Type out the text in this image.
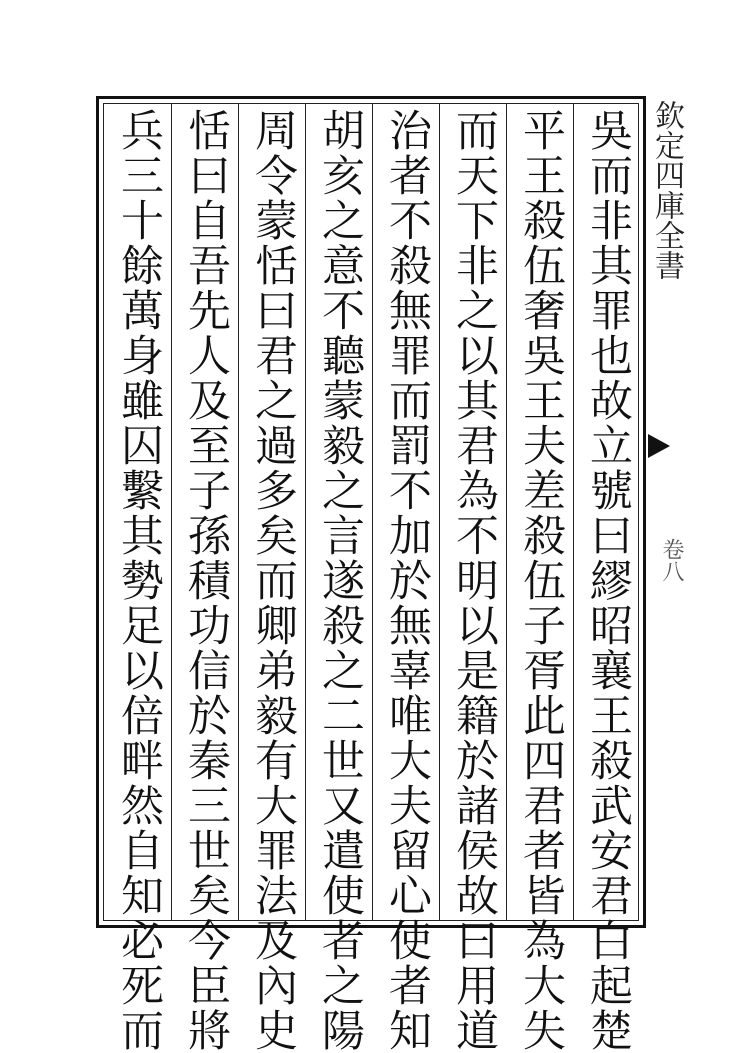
欽定四庫全書
卷八
吳而非其罪也故立號曰繆昭襄王殺武安君白起楚
平王殺伍奢吳王夫差殺伍子胥此四君者皆為大失
而天下非之以其君為不明以是籍於諸侯故曰用道
治者不殺無罪而罰不加於無辜唯大夫留心使者知
胡亥之意不聽蒙毅之言遂殺之二世又遣使者之陽
周令蒙恬曰君之過多矣而卿弟毅有大罪法及內史
恬曰自吾先人及至子孫積功信於秦三世矣今臣將
兵三十餘萬身雖囚繫其勢足以倍畔然自知必死而
